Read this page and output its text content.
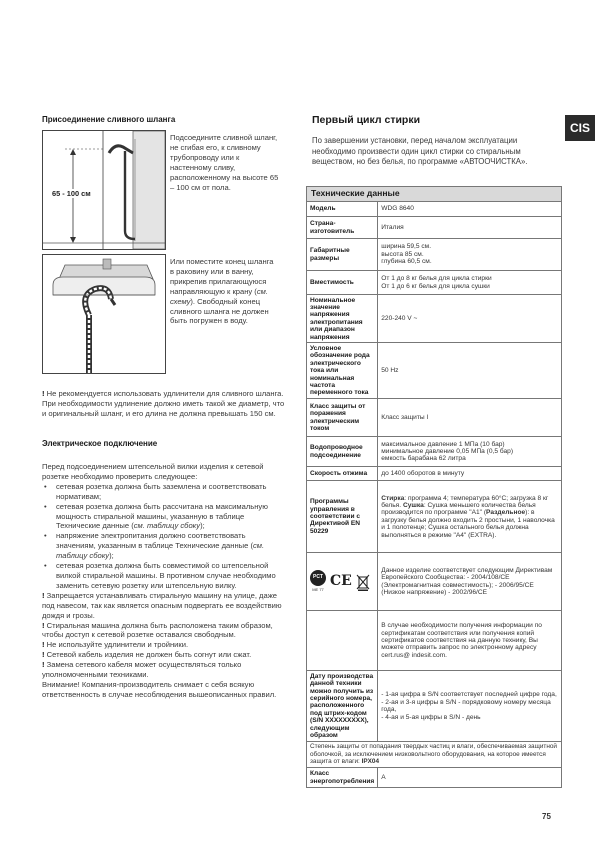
CIS
Присоединение сливного шланга
65 - 100 см
Подсоедините сливной шланг, не сгибая его, к сливному трубопроводу или к настенному сливу, расположенному на высоте 65 – 100 см от пола.
Или поместите конец шланга в раковину или в ванну, прикрепив прилагающуюся направляющую к крану (см. схему). Свободный конец сливного шланга не должен быть погружен в воду.
! Не рекомендуется использовать удлинители для сливного шланга. При необходимости удлинение должно иметь такой же диаметр, что и оригинальный шланг, и его длина не должна превышать 150 см.
Электрическое подключение
Перед подсоединением штепсельной вилки изделия к сетевой розетке необходимо проверить следующее:
• сетевая розетка должна быть заземлена и соответствовать нормативам;
• сетевая розетка должна быть рассчитана на максимальную мощность стиральной машины, указанную в таблице Технические данные (см. таблицу сбоку);
• напряжение электропитания должно соответствовать значениям, указанным в таблице Технические данные (см. таблицу сбоку);
• сетевая розетка должна быть совместимой со штепсельной вилкой стиральной машины. В противном случае необходимо заменить сетевую розетку или штепсельную вилку.
! Запрещается устанавливать стиральную машину на улице, даже под навесом, так как является опасным подвергать ее воздействию дождя и грозы.
! Стиральная машина должна быть расположена таким образом, чтобы доступ к сетевой розетке оставался свободным.
! Не используйте удлинители и тройники.
! Сетевой кабель изделия не должен быть согнут или сжат.
! Замена сетевого кабеля может осуществляться только уполномоченными техниками.
Внимание! Компания-производитель снимает с себя всякую ответственность в случае несоблюдения вышеописанных правил.
Первый цикл стирки
По завершении установки, перед началом эксплуатации необходимо произвести один цикл стирки со стиральным веществом, но без белья, по программе «АВТООЧИСТКА».
Технические данные
Модель	WDG 8640
Страна-изготовитель	Италия
Габаритные размеры	ширина 59,5 см.
высота 85 см.
глубина 60,5 см.

Вместимость	От 1 до 8 кг белья для цикла стирки
От 1 до 6 кг белья для цикла сушки

Номинальное значение напряжения электропитания или диапазон напряжения	220-240 V ~
Условное обозначение рода электрического тока или номинальная частота переменного тока	50 Hz
Класс защиты от поражения электрическим током	Класс защиты I
Водопроводное подсоединение	максимальное давление 1 МПа (10 бар)
минимальное давление 0,05 МПа (0,5 бар)
емкость барабана 62 литра

Скорость отжима	до 1400 оборотов в минуту
Программы управления в соответствии с Директивой EN 50229	Стирка: программа 4; температура 60°С; загрузка 8 кг белья. Сушка: Сушка меньшего количества белья производится по программе "А1" (Раздельное): в загрузку белья должно входить 2 простыни, 1 наволочка и 1 полотенце; Сушка остального белья должна выполняться в режиме "А4" (EXTRA).

PCT
МЕ 77
CE	Данное изделие соответствует следующим Директивам Европейского Сообщества: - 2004/108/CE (Электромагнитная совместимость); - 2006/95/CE (Низкое напряжение) - 2002/96/CE
	В случае необходимости получения информации по сертификатам соответствия или получения копий сертификатов соответствия на данную технику, Вы можете отправить запрос по электронному адресу cert.rus@ indesit.com.
Дату производства данной техники можно получить из серийного номера, расположенного под штрих-кодом (S/N XXXXXXXXX), следующим образом	- 1-ая цифра в S/N соответствует последней цифре года,
- 2-ая и 3-я цифры в S/N - порядковому номеру месяца года,
- 4-ая и 5-ая цифры в S/N - день

Степень защиты от попадания твердых частиц и влаги, обеспечиваемая защитной оболочкой, за исключением низковольтного оборудования, на которое имеется защита от влаги: IPX04	
Класс энергопотребления	А
75
